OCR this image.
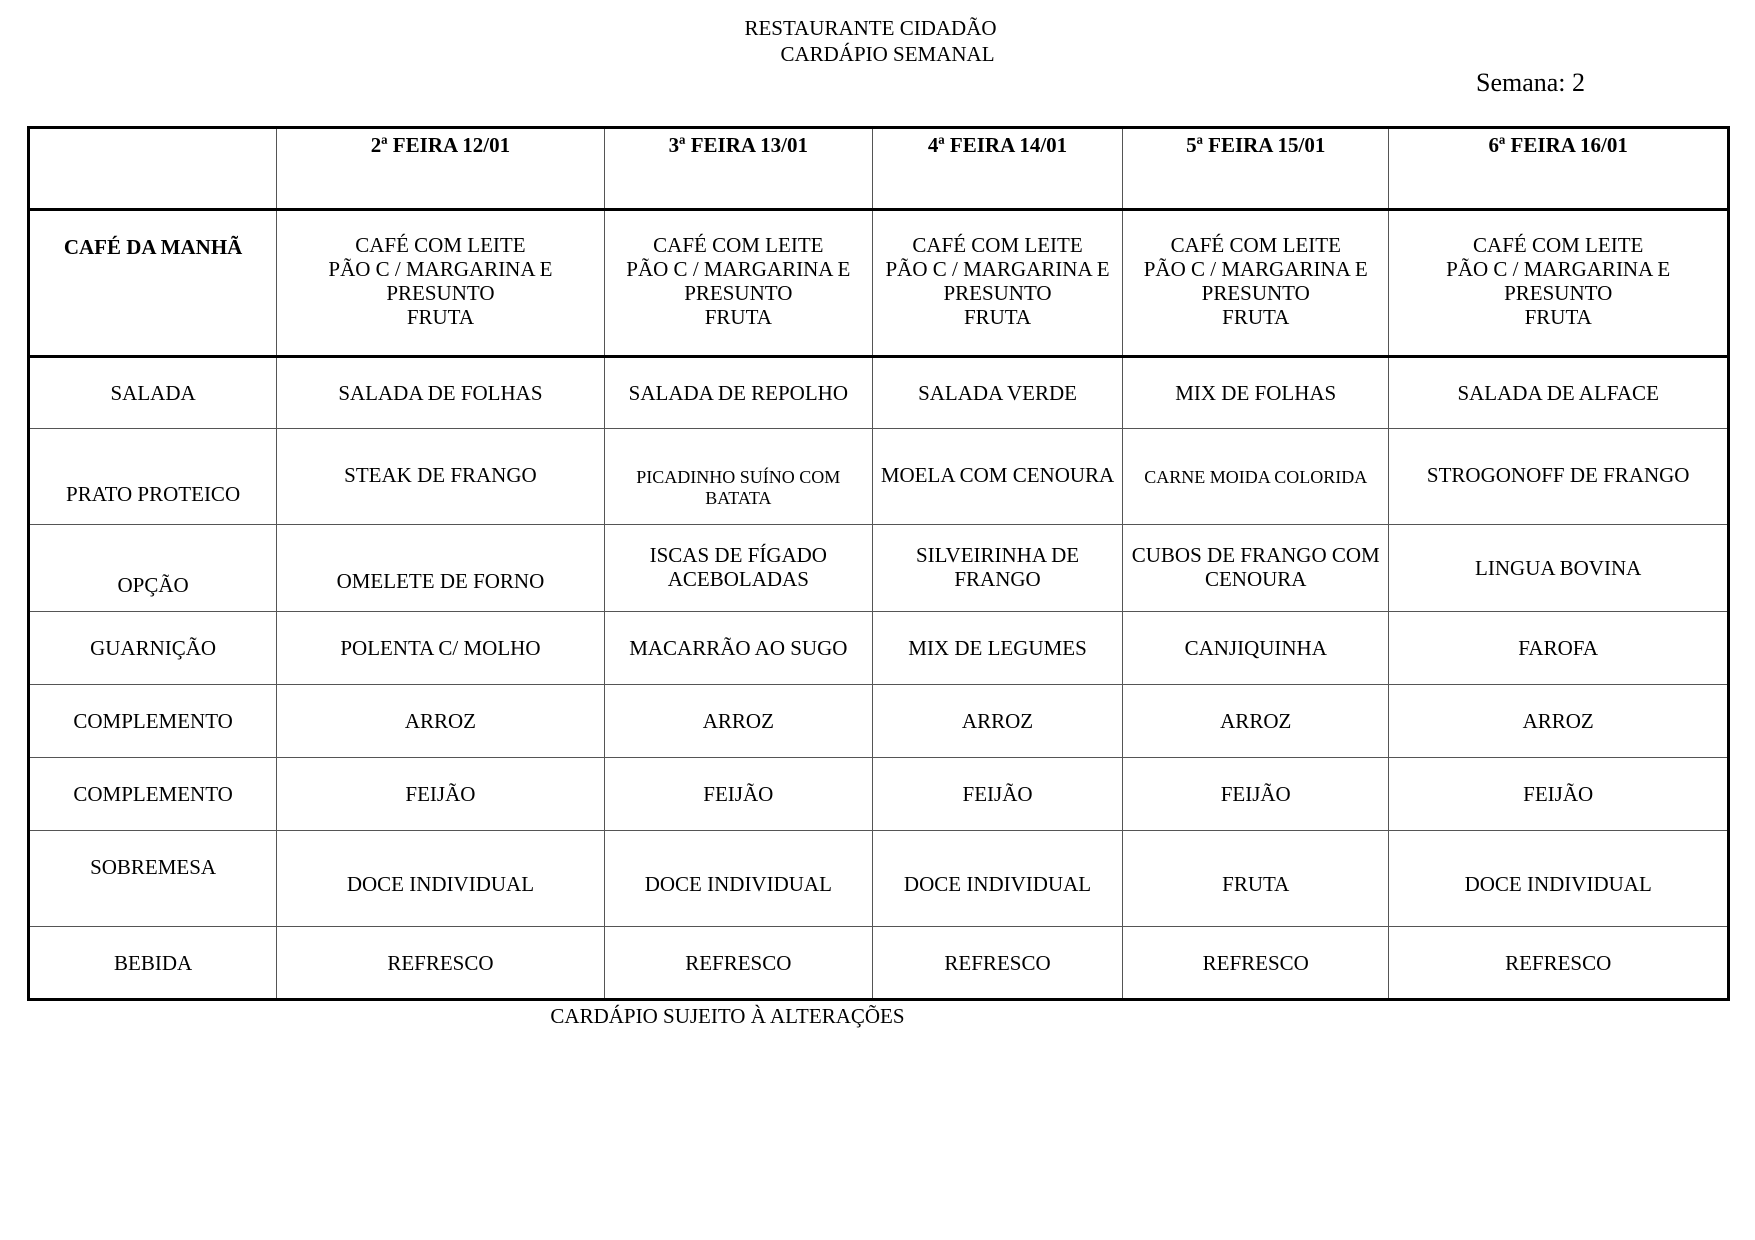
RESTAURANTE CIDADÃO
CARDÁPIO SEMANAL
Semana: 2
	2ª FEIRA 12/01	3ª FEIRA 13/01	4ª FEIRA 14/01	5ª FEIRA 15/01	6ª FEIRA 16/01
CAFÉ DA MANHÃ	CAFÉ COM LEITE
PÃO C / MARGARINA E
PRESUNTO
FRUTA	CAFÉ COM LEITE
PÃO C / MARGARINA E
PRESUNTO
FRUTA	CAFÉ COM LEITE
PÃO C / MARGARINA E
PRESUNTO
FRUTA	CAFÉ COM LEITE
PÃO C / MARGARINA E
PRESUNTO
FRUTA	CAFÉ COM LEITE
PÃO C / MARGARINA E
PRESUNTO
FRUTA

SALADA	SALADA DE FOLHAS	SALADA DE REPOLHO	SALADA VERDE	MIX DE FOLHAS	SALADA DE ALFACE
PRATO PROTEICO	STEAK DE FRANGO	PICADINHO SUÍNO COM BATATA	MOELA COM CENOURA	CARNE MOIDA COLORIDA	STROGONOFF DE FRANGO
OPÇÃO	OMELETE DE FORNO	ISCAS DE FÍGADO ACEBOLADAS	SILVEIRINHA DE FRANGO	CUBOS DE FRANGO COM CENOURA	LINGUA BOVINA
GUARNIÇÃO	POLENTA C/ MOLHO	MACARRÃO AO SUGO	MIX DE LEGUMES	CANJIQUINHA	FAROFA
COMPLEMENTO	ARROZ	ARROZ	ARROZ	ARROZ	ARROZ
COMPLEMENTO	FEIJÃO	FEIJÃO	FEIJÃO	FEIJÃO	FEIJÃO
SOBREMESA	DOCE INDIVIDUAL	DOCE INDIVIDUAL	DOCE INDIVIDUAL	FRUTA	DOCE INDIVIDUAL
BEBIDA	REFRESCO	REFRESCO	REFRESCO	REFRESCO	REFRESCO
CARDÁPIO SUJEITO À ALTERAÇÕES
